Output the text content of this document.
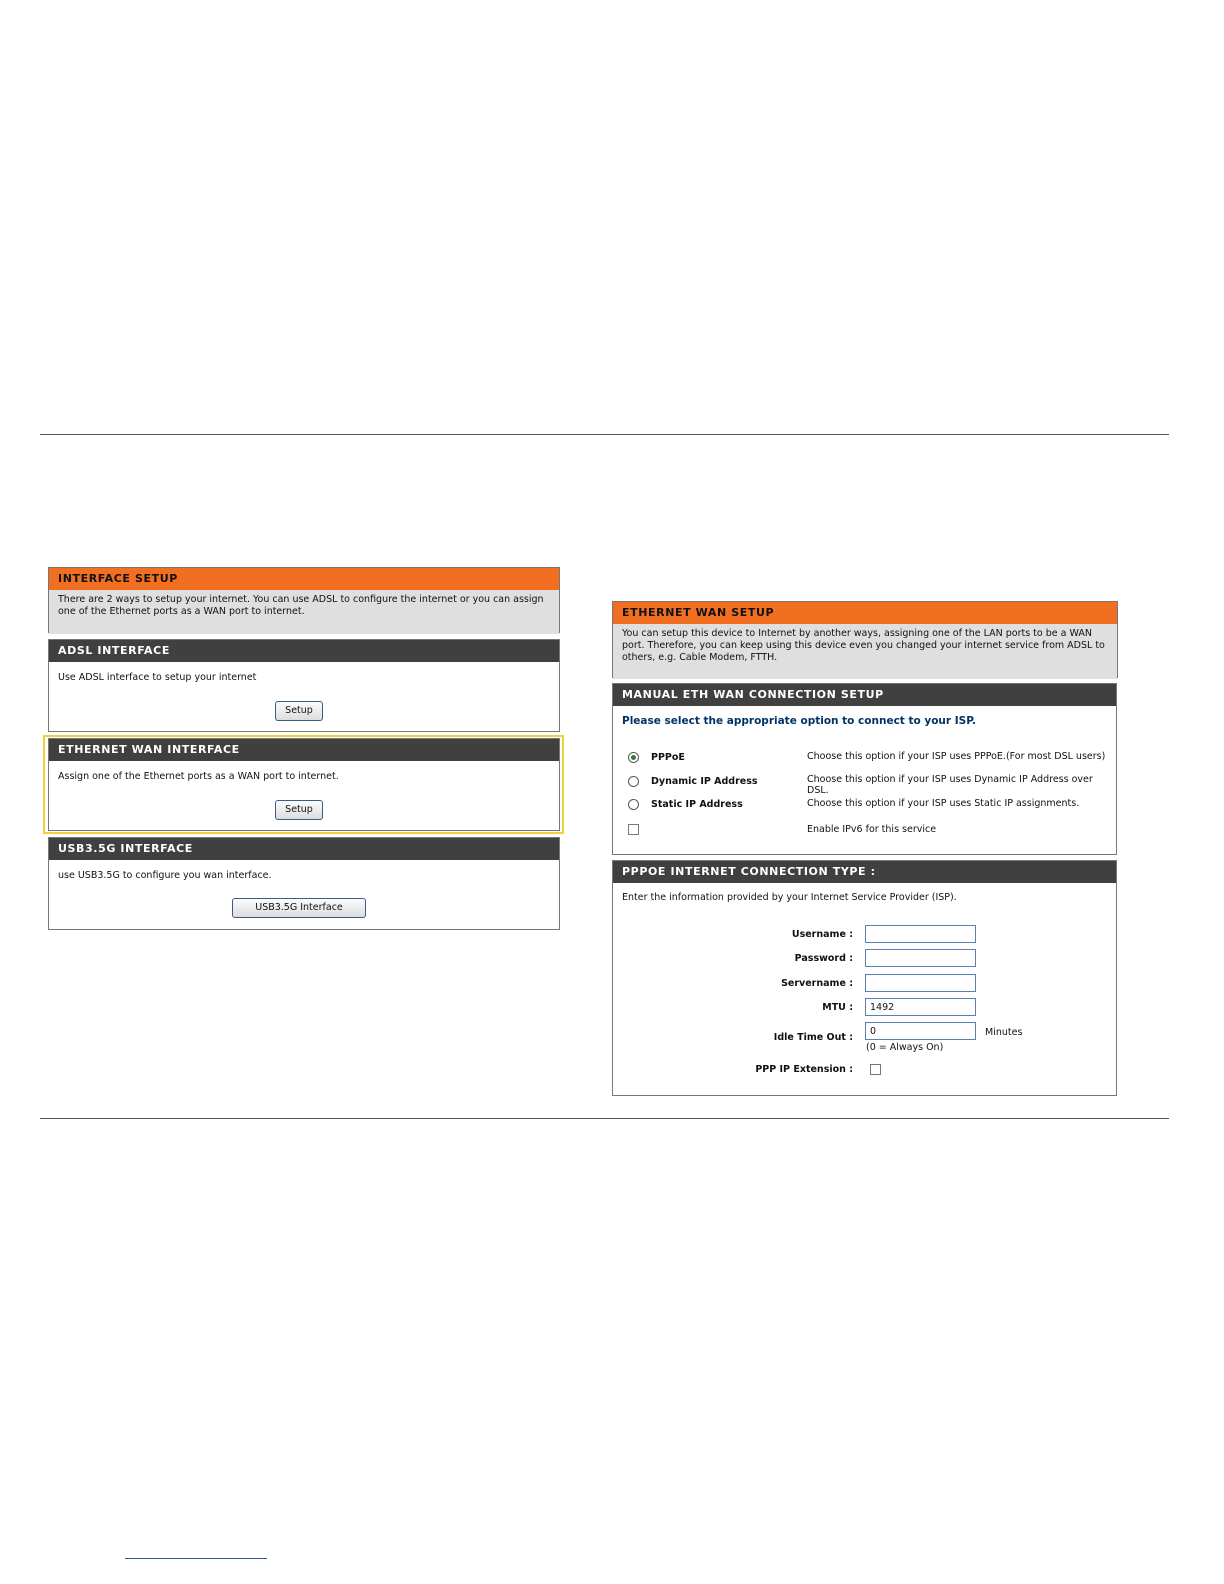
INTERFACE SETUP
There are 2 ways to setup your internet. You can use ADSL to configure the internet or you can assign one of the Ethernet ports as a WAN port to internet.
ADSL INTERFACE
Use ADSL interface to setup your internet
Setup
ETHERNET WAN INTERFACE
Assign one of the Ethernet ports as a WAN port to internet.
Setup
USB3.5G INTERFACE
use USB3.5G to configure you wan interface.
USB3.5G Interface
ETHERNET WAN SETUP
You can setup this device to Internet by another ways, assigning one of the LAN ports to be a WAN port. Therefore, you can keep using this device even you changed your internet service from ADSL to others, e.g. Cable Modem, FTTH.
MANUAL ETH WAN CONNECTION SETUP
Please select the appropriate option to connect to your ISP.
PPPoE	Choose this option if your ISP uses PPPoE.(For most DSL users)
Dynamic IP Address	Choose this option if your ISP uses Dynamic IP Address over DSL.
Static IP Address	Choose this option if your ISP uses Static IP assignments.
Enable IPv6 for this service
PPPOE INTERNET CONNECTION TYPE :
Enter the information provided by your Internet Service Provider (ISP).
Username :
Password :
Servername :
MTU :
1492
Idle Time Out :
0	Minutes
(0 = Always On)
PPP IP Extension :
